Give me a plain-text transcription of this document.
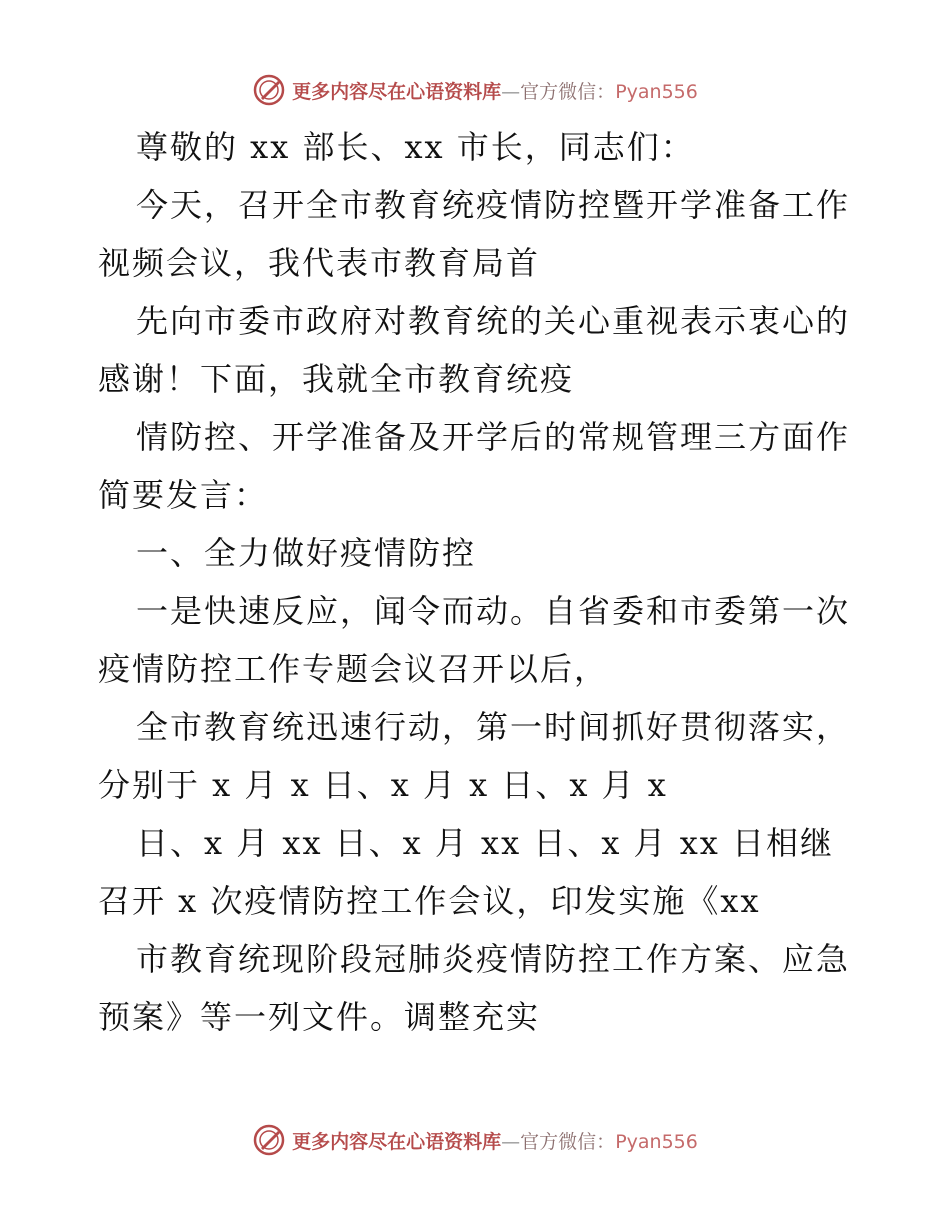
更多内容尽在心语资料库—官方微信：Pyan556
尊敬的 xx 部长、xx 市长，同志们：
今天，召开全市教育统疫情防控暨开学准备工作
视频会议，我代表市教育局首
先向市委市政府对教育统的关心重视表示衷心的
感谢！下面，我就全市教育统疫
情防控、开学准备及开学后的常规管理三方面作
简要发言：
一、全力做好疫情防控
一是快速反应，闻令而动。自省委和市委第一次
疫情防控工作专题会议召开以后，
全市教育统迅速行动，第一时间抓好贯彻落实，
分别于 x 月 x 日、x 月 x 日、x 月 x
日、x 月 xx 日、x 月 xx 日、x 月 xx 日相继
召开 x 次疫情防控工作会议，印发实施《xx
市教育统现阶段冠肺炎疫情防控工作方案、应急
预案》等一列文件。调整充实
更多内容尽在心语资料库—官方微信：Pyan556
